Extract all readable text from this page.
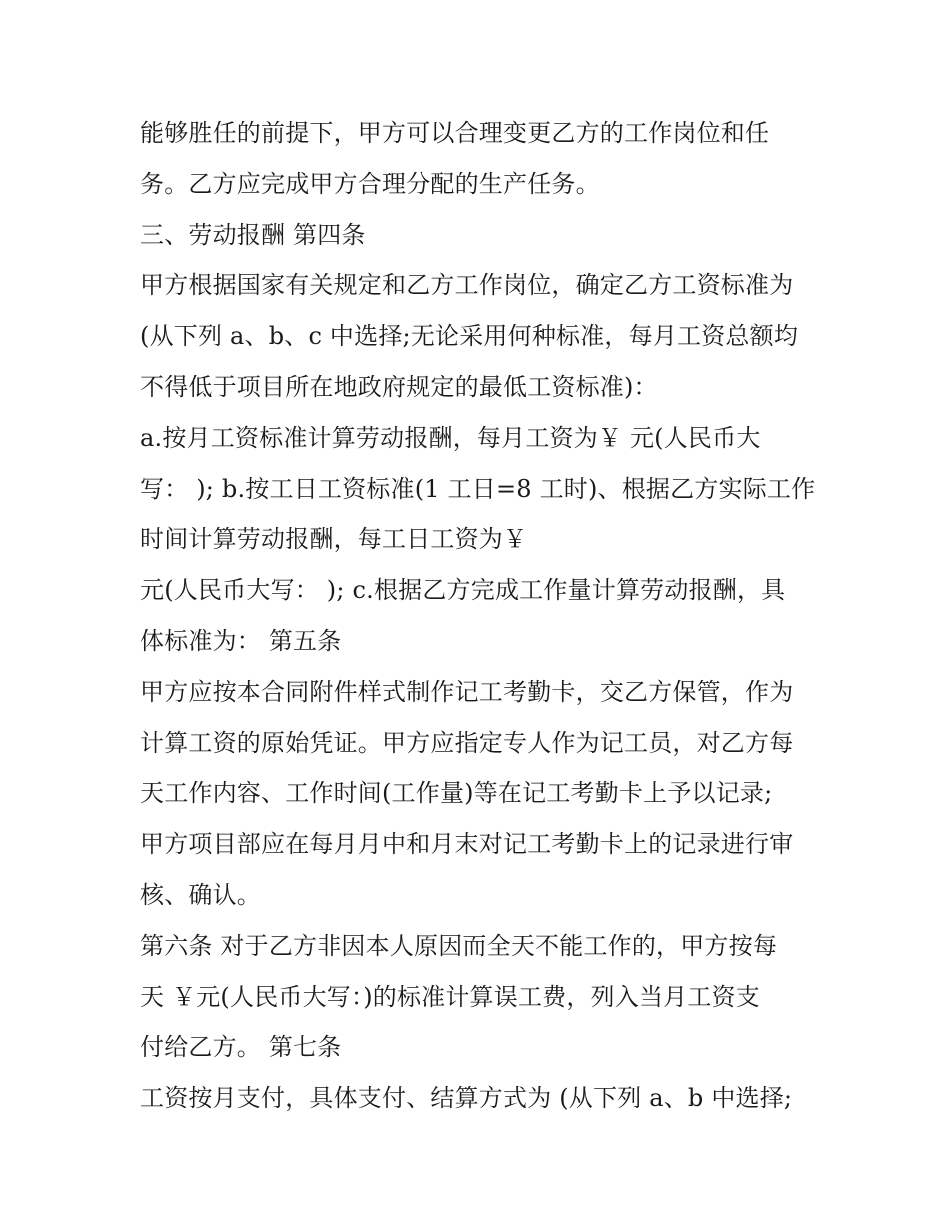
能够胜任的前提下，甲方可以合理变更乙方的工作岗位和任
务。乙方应完成甲方合理分配的生产任务。
三、劳动报酬 第四条
甲方根据国家有关规定和乙方工作岗位，确定乙方工资标准为
(从下列 a、b、c 中选择;无论采用何种标准，每月工资总额均
不得低于项目所在地政府规定的最低工资标准)：
a.按月工资标准计算劳动报酬，每月工资为￥ 元(人民币大
写： ); b.按工日工资标准(1 工日=8 工时)、根据乙方实际工作
时间计算劳动报酬，每工日工资为￥
元(人民币大写： ); c.根据乙方完成工作量计算劳动报酬，具
体标准为： 第五条
甲方应按本合同附件样式制作记工考勤卡，交乙方保管，作为
计算工资的原始凭证。甲方应指定专人作为记工员，对乙方每
天工作内容、工作时间(工作量)等在记工考勤卡上予以记录;
甲方项目部应在每月月中和月末对记工考勤卡上的记录进行审
核、确认。
第六条 对于乙方非因本人原因而全天不能工作的，甲方按每
天 ￥元(人民币大写：)的标准计算误工费，列入当月工资支
付给乙方。 第七条
工资按月支付，具体支付、结算方式为 (从下列 a、b 中选择;
